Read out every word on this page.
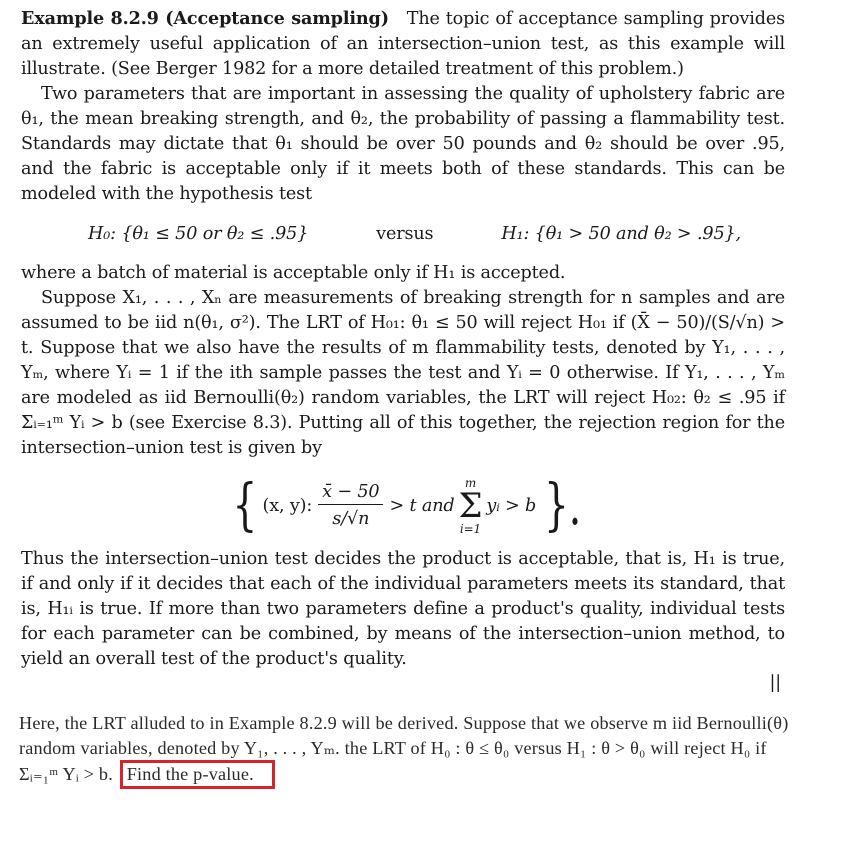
Example 8.2.9 (Acceptance sampling) The topic of acceptance sampling provides an extremely useful application of an intersection–union test, as this example will illustrate. (See Berger 1982 for a more detailed treatment of this problem.)

Two parameters that are important in assessing the quality of upholstery fabric are θ₁, the mean breaking strength, and θ₂, the probability of passing a flammability test. Standards may dictate that θ₁ should be over 50 pounds and θ₂ should be over .95, and the fabric is acceptable only if it meets both of these standards. This can be modeled with the hypothesis test

H₀: {θ₁ ≤ 50 or θ₂ ≤ .95}	versus	H₁: {θ₁ > 50 and θ₂ > .95},

where a batch of material is acceptable only if H₁ is accepted.

Suppose X₁, . . . , Xₙ are measurements of breaking strength for n samples and are assumed to be iid n(θ₁, σ²). The LRT of H₀₁: θ₁ ≤ 50 will reject H₀₁ if (X̄ − 50)/(S/√n) > t. Suppose that we also have the results of m flammability tests, denoted by Y₁, . . . , Yₘ, where Yᵢ = 1 if the ith sample passes the test and Yᵢ = 0 otherwise. If Y₁, . . . , Yₘ are modeled as iid Bernoulli(θ₂) random variables, the LRT will reject H₀₂: θ₂ ≤ .95 if Σᵢ₌₁ᵐ Yᵢ > b (see Exercise 8.3). Putting all of this together, the rejection region for the intersection–union test is given by

{ (x, y): $\frac{x̄ - 50}{s/√n} > t$ and
m
Σ
i=1
yᵢ > b }.

Thus the intersection–union test decides the product is acceptable, that is, H₁ is true, if and only if it decides that each of the individual parameters meets its standard, that is, H₁ᵢ is true. If more than two parameters define a product's quality, individual tests for each parameter can be combined, by means of the intersection–union method, to yield an overall test of the product's quality.

||

Here, the LRT alluded to in Example 8.2.9 will be derived. Suppose that we observe m iid Bernoulli(θ) random variables, denoted by Y₁, . . . , Yₘ. the LRT of H₀ : θ ≤ θ₀ versus H₁ : θ > θ₀ will reject H₀ if Σᵢ₌₁ᵐ Yᵢ > b. Find the p-value.
